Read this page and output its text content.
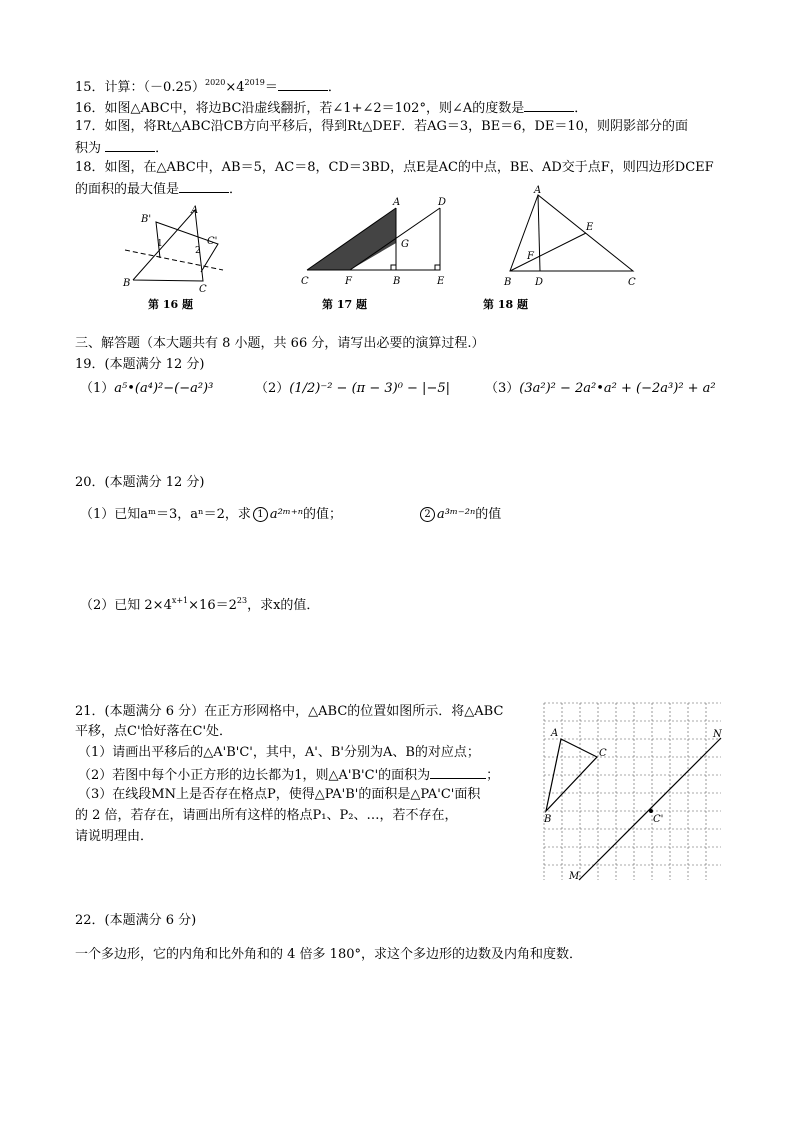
15．计算：$(-0.25)^{2020}\times 4^{2019}=$	．
16．如图△ABC中，将边BC沿虚线翻折，若∠1+∠2＝102°，则∠A的度数是	．
17．如图，将Rt△ABC沿CB方向平移后，得到Rt△DEF．若AG＝3，BE＝6，DE＝10，则阴影部分的面
积为	．
18．如图，在△ABC中，AB＝5，AC＝8，CD＝3BD，点E是AC的中点，BE、AD交于点F，则四边形DCEF
的面积的最大值是	．
A
B
C
B'
C'
1
2
第 16 题
A	D
G
C	F	B	E
第 17 题
A
E
F
B D	C
第 18 题
三、解答题（本大题共有 8 小题，共 66 分，请写出必要的演算过程.）
19．(本题满分 12 分)
（1）a⁵•(a⁴)²−(−a²)³	（2）(1/2)⁻² − (π − 3)⁰ − |−5|	（3）(3a²)² − 2a²•a² + (−2a³)² + a²
20．(本题满分 12 分)
（1）已知aᵐ＝3，aⁿ＝2，求 1 a²ᵐ⁺ⁿ的值；	2 a³ᵐ⁻²ⁿ的值
（2）已知 $2\times 4^{x+1}\times 16=2^{23}$，求x的值．
21．(本题满分 6 分）在正方形网格中，△ABC的位置如图所示．将△ABC
平移，点C'恰好落在C'处．
（1）请画出平移后的△A'B'C'，其中，A'、B'分别为A、B的对应点；
（2）若图中每个小正方形的边长都为1，则△A'B'C'的面积为	；
（3）在线段MN上是否存在格点P，使得△PA'B'的面积是△PA'C'面积
的 2 倍，若存在，请画出所有这样的格点P₁、P₂、…，若不存在，
请说明理由．
A
C
B	C'
M
N
22．(本题满分 6 分)
一个多边形，它的内角和比外角和的 4 倍多 180°，求这个多边形的边数及内角和度数．
